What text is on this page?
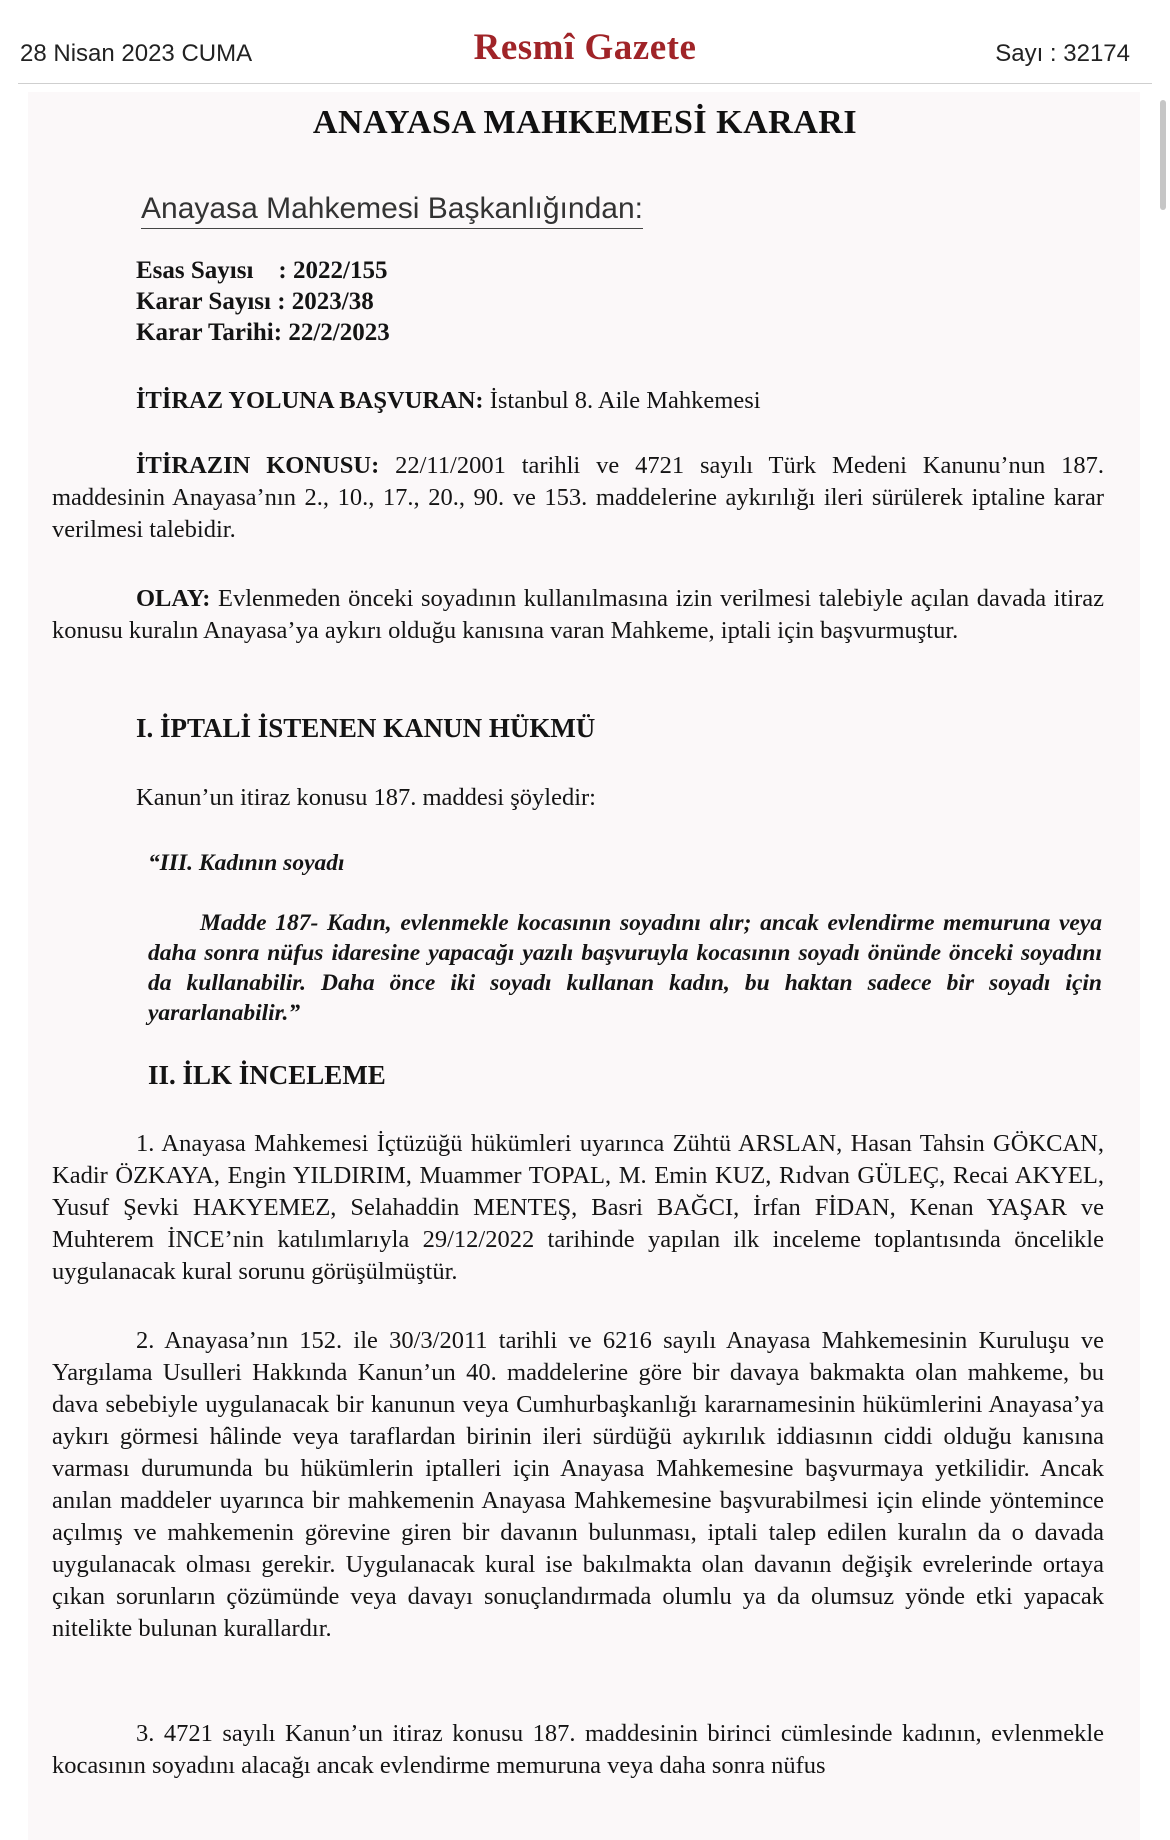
28 Nisan 2023 CUMA	Resmî Gazete	Sayı : 32174
ANAYASA MAHKEMESİ KARARI
Anayasa Mahkemesi Başkanlığından:
Esas Sayısı    : 2022/155
Karar Sayısı : 2023/38
Karar Tarihi: 22/2/2023
İTİRAZ YOLUNA BAŞVURAN: İstanbul 8. Aile Mahkemesi
İTİRAZIN KONUSU: 22/11/2001 tarihli ve 4721 sayılı Türk Medeni Kanunu’nun 187. maddesinin Anayasa’nın 2., 10., 17., 20., 90. ve 153. maddelerine aykırılığı ileri sürülerek iptaline karar verilmesi talebidir.
OLAY: Evlenmeden önceki soyadının kullanılmasına izin verilmesi talebiyle açılan davada itiraz konusu kuralın Anayasa’ya aykırı olduğu kanısına varan Mahkeme, iptali için başvurmuştur.
I. İPTALİ İSTENEN KANUN HÜKMÜ
Kanun’un itiraz konusu 187. maddesi şöyledir:
“III. Kadının soyadı
Madde 187- Kadın, evlenmekle kocasının soyadını alır; ancak evlendirme memuruna veya daha sonra nüfus idaresine yapacağı yazılı başvuruyla kocasının soyadı önünde önceki soyadını da kullanabilir. Daha önce iki soyadı kullanan kadın, bu haktan sadece bir soyadı için yararlanabilir.”
II. İLK İNCELEME
1. Anayasa Mahkemesi İçtüzüğü hükümleri uyarınca Zühtü ARSLAN, Hasan Tahsin GÖKCAN, Kadir ÖZKAYA, Engin YILDIRIM, Muammer TOPAL, M. Emin KUZ, Rıdvan GÜLEÇ, Recai AKYEL, Yusuf Şevki HAKYEMEZ, Selahaddin MENTEŞ, Basri BAĞCI, İrfan FİDAN, Kenan YAŞAR ve Muhterem İNCE’nin katılımlarıyla 29/12/2022 tarihinde yapılan ilk inceleme toplantısında öncelikle uygulanacak kural sorunu görüşülmüştür.
2. Anayasa’nın 152. ile 30/3/2011 tarihli ve 6216 sayılı Anayasa Mahkemesinin Kuruluşu ve Yargılama Usulleri Hakkında Kanun’un 40. maddelerine göre bir davaya bakmakta olan mahkeme, bu dava sebebiyle uygulanacak bir kanunun veya Cumhurbaşkanlığı kararnamesinin hükümlerini Anayasa’ya aykırı görmesi hâlinde veya taraflardan birinin ileri sürdüğü aykırılık iddiasının ciddi olduğu kanısına varması durumunda bu hükümlerin iptalleri için Anayasa Mahkemesine başvurmaya yetkilidir. Ancak anılan maddeler uyarınca bir mahkemenin Anayasa Mahkemesine başvurabilmesi için elinde yöntemince açılmış ve mahkemenin görevine giren bir davanın bulunması, iptali talep edilen kuralın da o davada uygulanacak olması gerekir. Uygulanacak kural ise bakılmakta olan davanın değişik evrelerinde ortaya çıkan sorunların çözümünde veya davayı sonuçlandırmada olumlu ya da olumsuz yönde etki yapacak nitelikte bulunan kurallardır.
3. 4721 sayılı Kanun’un itiraz konusu 187. maddesinin birinci cümlesinde kadının, evlenmekle kocasının soyadını alacağı ancak evlendirme memuruna veya daha sonra nüfus
